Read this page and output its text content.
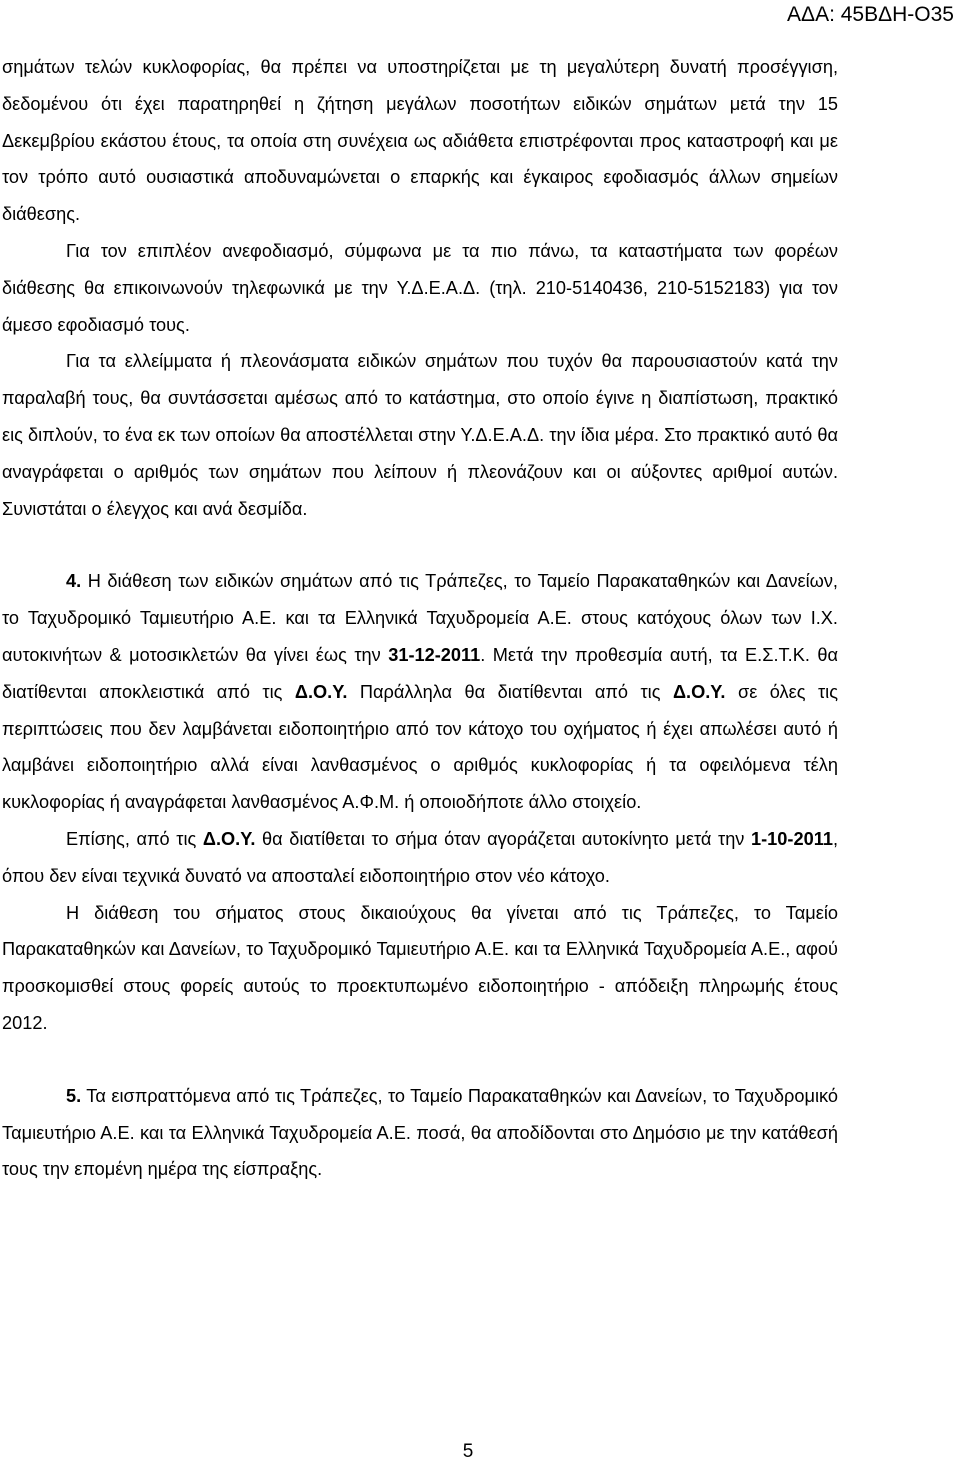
ΑΔΑ: 45ΒΔΗ-Ο35

σημάτων τελών κυκλοφορίας, θα πρέπει να υποστηρίζεται με τη μεγαλύτερη δυνατή προσέγγιση, δεδομένου ότι έχει παρατηρηθεί η ζήτηση μεγάλων ποσοτήτων ειδικών σημάτων μετά την 15 Δεκεμβρίου εκάστου έτους, τα οποία στη συνέχεια ως αδιάθετα επιστρέφονται προς καταστροφή και με τον τρόπο αυτό ουσιαστικά αποδυναμώνεται ο επαρκής και έγκαιρος εφοδιασμός άλλων σημείων διάθεσης.

Για τον επιπλέον ανεφοδιασμό, σύμφωνα με τα πιο πάνω, τα καταστήματα των φορέων διάθεσης θα επικοινωνούν τηλεφωνικά με την Υ.Δ.Ε.Α.Δ. (τηλ. 210-5140436, 210-5152183) για τον άμεσο εφοδιασμό τους.

Για τα ελλείμματα ή πλεονάσματα ειδικών σημάτων που τυχόν θα παρουσιαστούν κατά την παραλαβή τους, θα συντάσσεται αμέσως από το κατάστημα, στο οποίο έγινε η διαπίστωση, πρακτικό εις διπλούν, το ένα εκ των οποίων θα αποστέλλεται στην Υ.Δ.Ε.Α.Δ. την ίδια μέρα. Στο πρακτικό αυτό θα αναγράφεται ο αριθμός των σημάτων που λείπουν ή πλεονάζουν και οι αύξοντες αριθμοί αυτών. Συνιστάται ο έλεγχος και ανά δεσμίδα.

4. Η διάθεση των ειδικών σημάτων από τις Τράπεζες, το Ταμείο Παρακαταθηκών και Δανείων, το Ταχυδρομικό Ταμιευτήριο Α.Ε. και τα Ελληνικά Ταχυδρομεία Α.Ε. στους κατόχους όλων των Ι.Χ. αυτοκινήτων & μοτοσικλετών θα γίνει έως την 31-12-2011. Μετά την προθεσμία αυτή, τα Ε.Σ.Τ.Κ. θα διατίθενται αποκλειστικά από τις Δ.Ο.Υ. Παράλληλα θα διατίθενται από τις Δ.Ο.Υ. σε όλες τις περιπτώσεις που δεν λαμβάνεται ειδοποιητήριο από τον κάτοχο του οχήματος ή έχει απωλέσει αυτό ή λαμβάνει ειδοποιητήριο αλλά είναι λανθασμένος ο αριθμός κυκλοφορίας ή τα οφειλόμενα τέλη κυκλοφορίας ή αναγράφεται λανθασμένος Α.Φ.Μ. ή οποιοδήποτε άλλο στοιχείο.

Επίσης, από τις Δ.Ο.Υ. θα διατίθεται το σήμα όταν αγοράζεται αυτοκίνητο μετά την 1-10-2011, όπου δεν είναι τεχνικά δυνατό να αποσταλεί ειδοποιητήριο στον νέο κάτοχο.

Η διάθεση του σήματος στους δικαιούχους θα γίνεται από τις Τράπεζες, το Ταμείο Παρακαταθηκών και Δανείων, το Ταχυδρομικό Ταμιευτήριο Α.Ε. και τα Ελληνικά Ταχυδρομεία Α.Ε., αφού προσκομισθεί στους φορείς αυτούς το προεκτυπωμένο ειδοποιητήριο - απόδειξη πληρωμής έτους 2012.

5. Τα εισπραττόμενα από τις Τράπεζες, το Ταμείο Παρακαταθηκών και Δανείων, το Ταχυδρομικό Ταμιευτήριο Α.Ε. και τα Ελληνικά Ταχυδρομεία Α.Ε. ποσά, θα αποδίδονται στο Δημόσιο με την κατάθεσή τους την επομένη ημέρα της είσπραξης.

5
